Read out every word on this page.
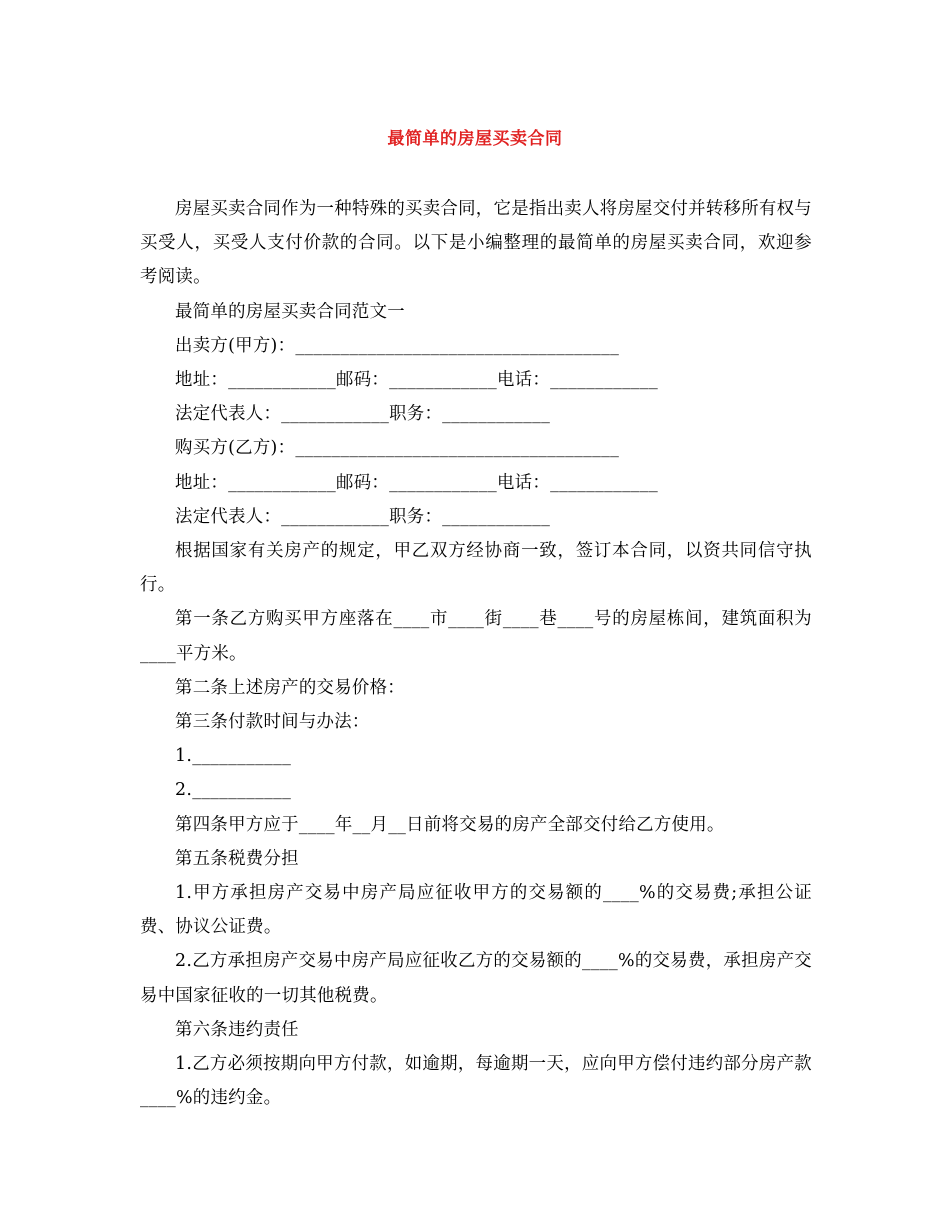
最简单的房屋买卖合同

房屋买卖合同作为一种特殊的买卖合同，它是指出卖人将房屋交付并转移所有权与买受人，买受人支付价款的合同。以下是小编整理的最简单的房屋买卖合同，欢迎参考阅读。

最简单的房屋买卖合同范文一

出卖方(甲方)：____________________________________

地址：____________邮码：____________电话：____________

法定代表人：____________职务：____________

购买方(乙方)：____________________________________

地址：____________邮码：____________电话：____________

法定代表人：____________职务：____________

根据国家有关房产的规定，甲乙双方经协商一致，签订本合同，以资共同信守执行。

第一条乙方购买甲方座落在____市____街____巷____号的房屋栋间，建筑面积为____平方米。

第二条上述房产的交易价格：

第三条付款时间与办法：

1.___________

2.___________

第四条甲方应于____年__月__日前将交易的房产全部交付给乙方使用。

第五条税费分担

1.甲方承担房产交易中房产局应征收甲方的交易额的____%的交易费;承担公证费、协议公证费。

2.乙方承担房产交易中房产局应征收乙方的交易额的____%的交易费，承担房产交易中国家征收的一切其他税费。

第六条违约责任

1.乙方必须按期向甲方付款，如逾期，每逾期一天，应向甲方偿付违约部分房产款____%的违约金。
